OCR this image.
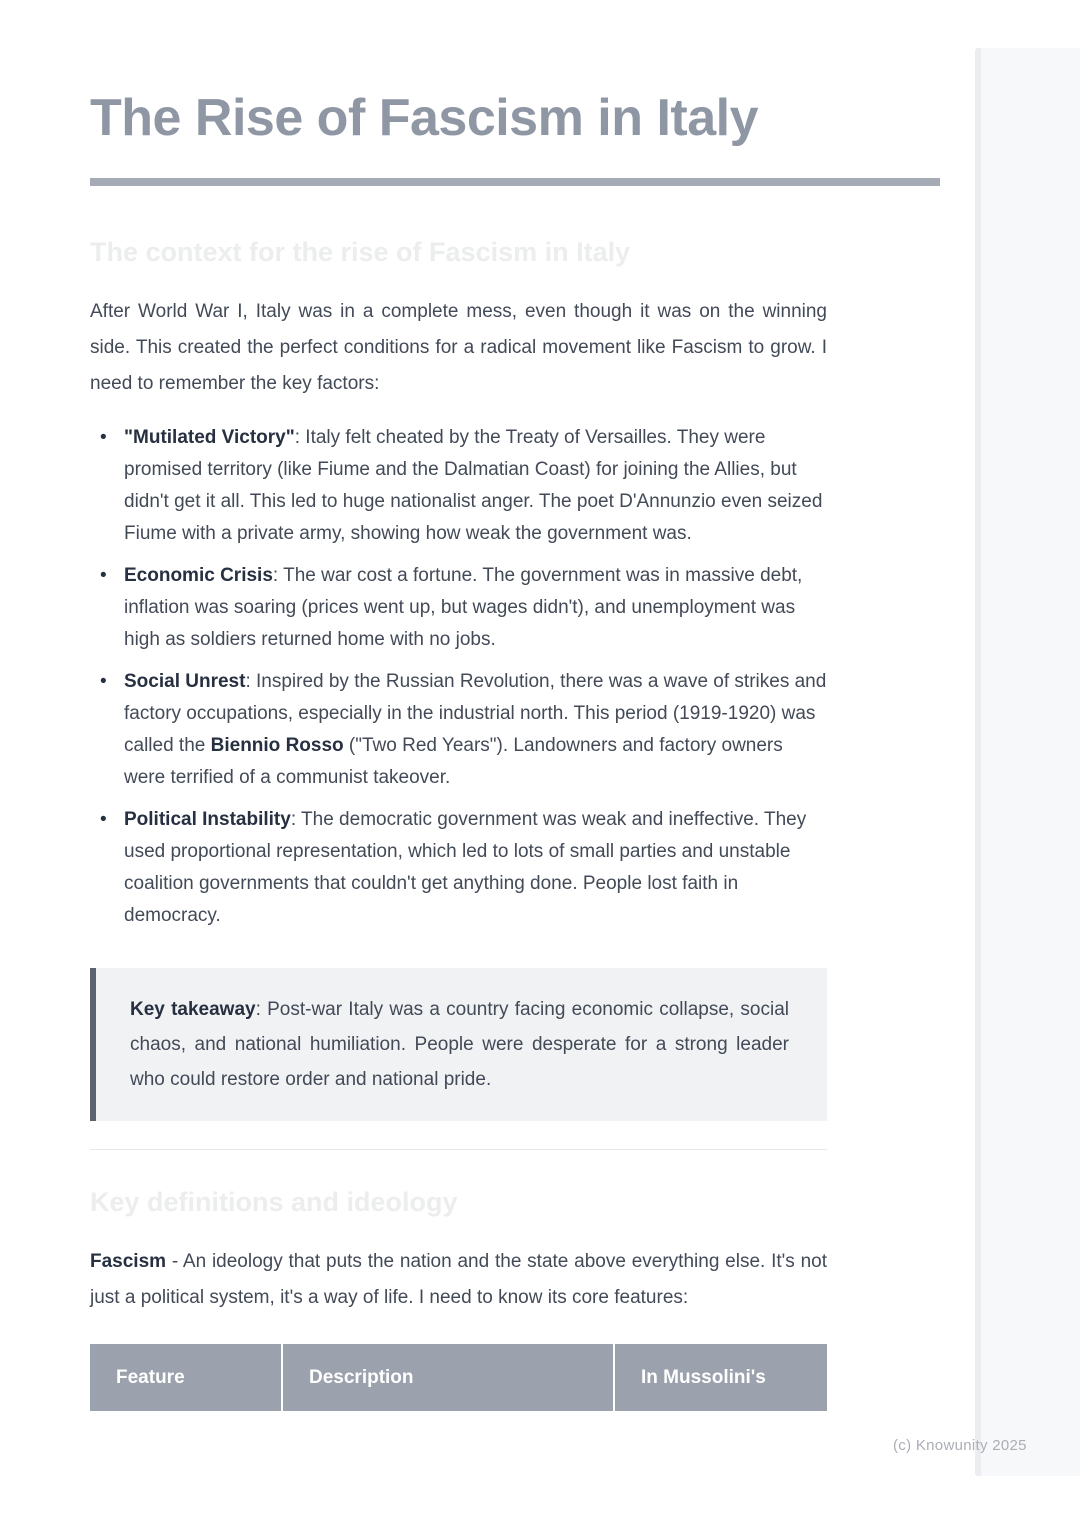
(c) Knowunity 2025
The Rise of Fascism in Italy
The context for the rise of Fascism in Italy

After World War I, Italy was in a complete mess, even though it was on the winning side. This created the perfect conditions for a radical movement like Fascism to grow. I need to remember the key factors:

• "Mutilated Victory": Italy felt cheated by the Treaty of Versailles. They were promised territory (like Fiume and the Dalmatian Coast) for joining the Allies, but didn't get it all. This led to huge nationalist anger. The poet D'Annunzio even seized Fiume with a private army, showing how weak the government was.
• Economic Crisis: The war cost a fortune. The government was in massive debt, inflation was soaring (prices went up, but wages didn't), and unemployment was high as soldiers returned home with no jobs.
• Social Unrest: Inspired by the Russian Revolution, there was a wave of strikes and factory occupations, especially in the industrial north. This period (1919-1920) was called the Biennio Rosso ("Two Red Years"). Landowners and factory owners were terrified of a communist takeover.
• Political Instability: The democratic government was weak and ineffective. They used proportional representation, which led to lots of small parties and unstable coalition governments that couldn't get anything done. People lost faith in democracy.

Key takeaway: Post-war Italy was a country facing economic collapse, social chaos, and national humiliation. People were desperate for a strong leader who could restore order and national pride.

Key definitions and ideology

Fascism - An ideology that puts the nation and the state above everything else. It's not just a political system, it's a way of life. I need to know its core features:

Feature	Description	In Mussolini's
